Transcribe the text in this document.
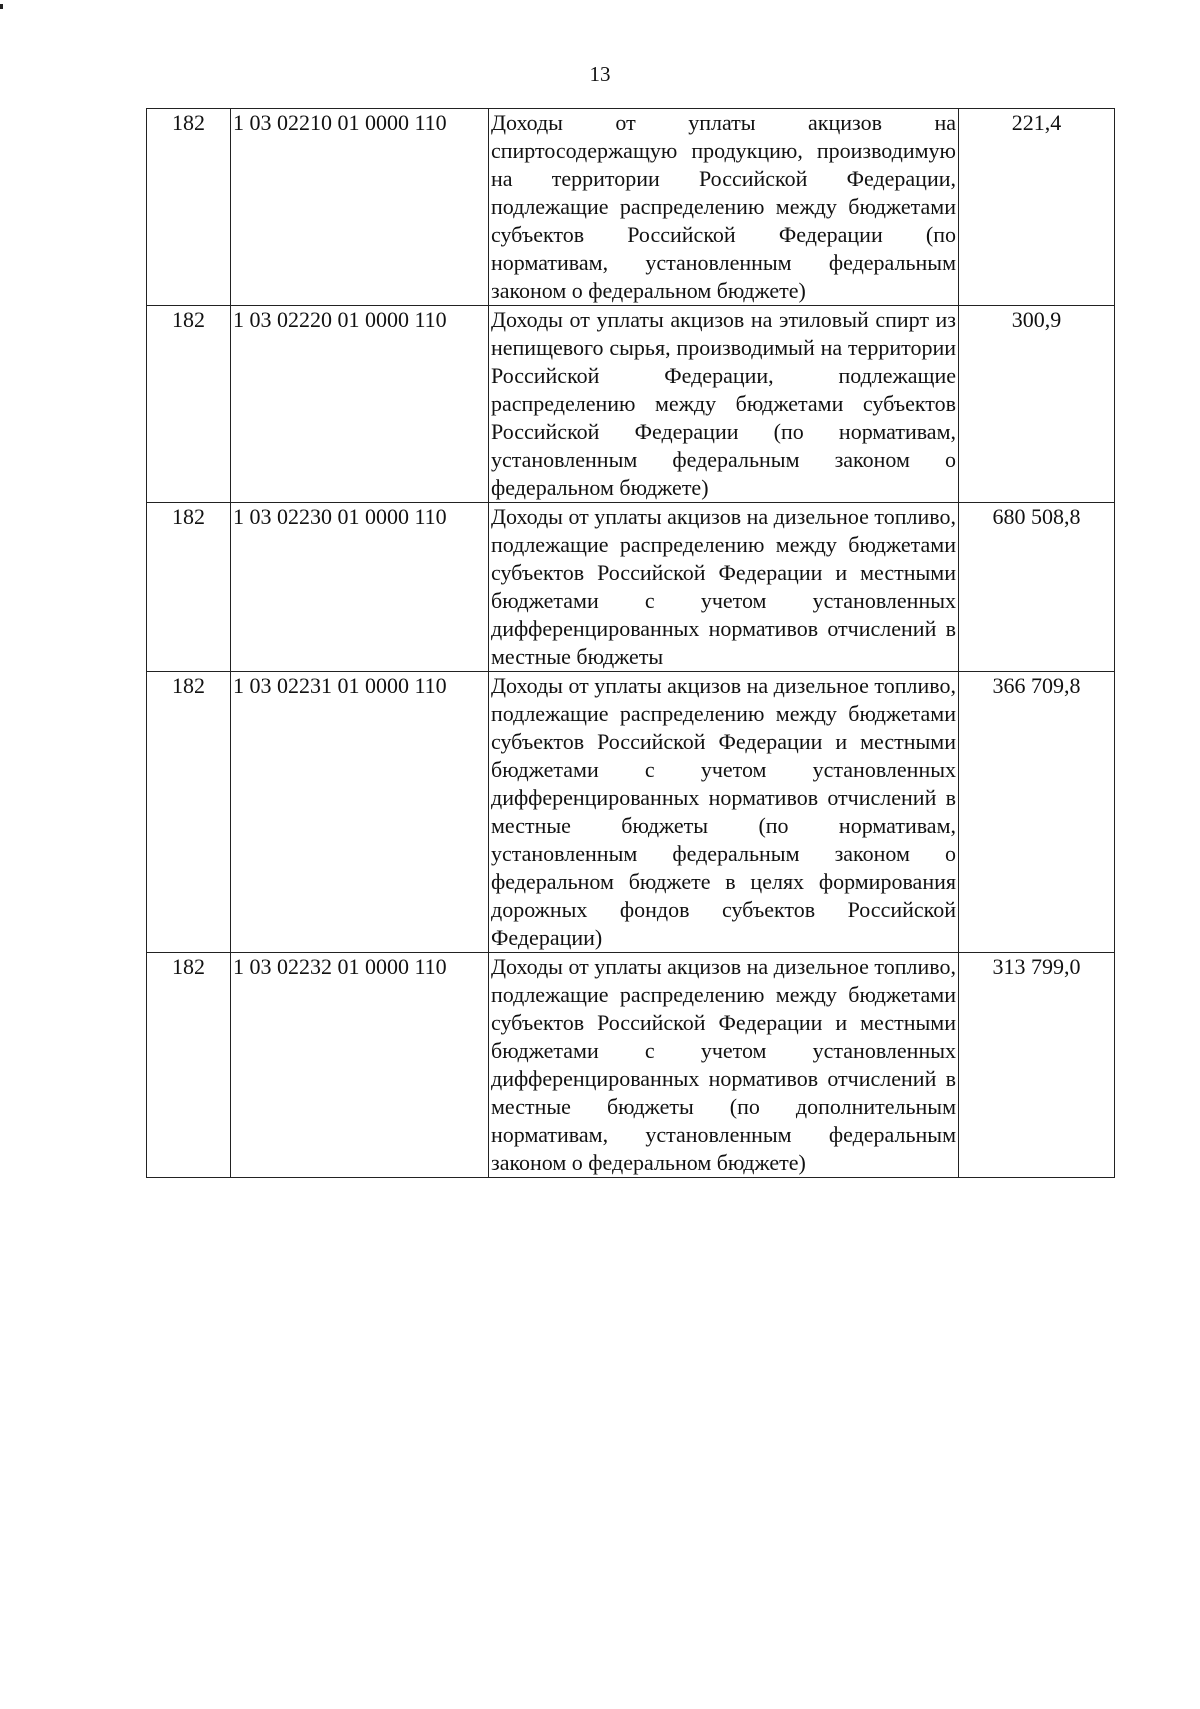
13
182	1 03 02210 01 0000 110	Доходы от уплаты акцизов на спиртосодержащую продукцию, производимую на территории Российской Федерации, подлежащие распределению между бюджетами субъектов Российской Федерации (по нормативам, установленным федеральным законом о федеральном бюджете)	221,4
182	1 03 02220 01 0000 110	Доходы от уплаты акцизов на этиловый спирт из непищевого сырья, производимый на территории Российской Федерации, подлежащие распределению между бюджетами субъектов Российской Федерации (по нормативам, установленным федеральным законом о федеральном бюджете)	300,9
182	1 03 02230 01 0000 110	Доходы от уплаты акцизов на дизельное топливо, подлежащие распределению между бюджетами субъектов Российской Федерации и местными бюджетами с учетом установленных дифференцированных нормативов отчислений в местные бюджеты	680 508,8
182	1 03 02231 01 0000 110	Доходы от уплаты акцизов на дизельное топливо, подлежащие распределению между бюджетами субъектов Российской Федерации и местными бюджетами с учетом установленных дифференцированных нормативов отчислений в местные бюджеты (по нормативам, установленным федеральным законом о федеральном бюджете в целях формирования дорожных фондов субъектов Российской Федерации)	366 709,8
182	1 03 02232 01 0000 110	Доходы от уплаты акцизов на дизельное топливо, подлежащие распределению между бюджетами субъектов Российской Федерации и местными бюджетами с учетом установленных дифференцированных нормативов отчислений в местные бюджеты (по дополнительным нормативам, установленным федеральным законом о федеральном бюджете)	313 799,0
